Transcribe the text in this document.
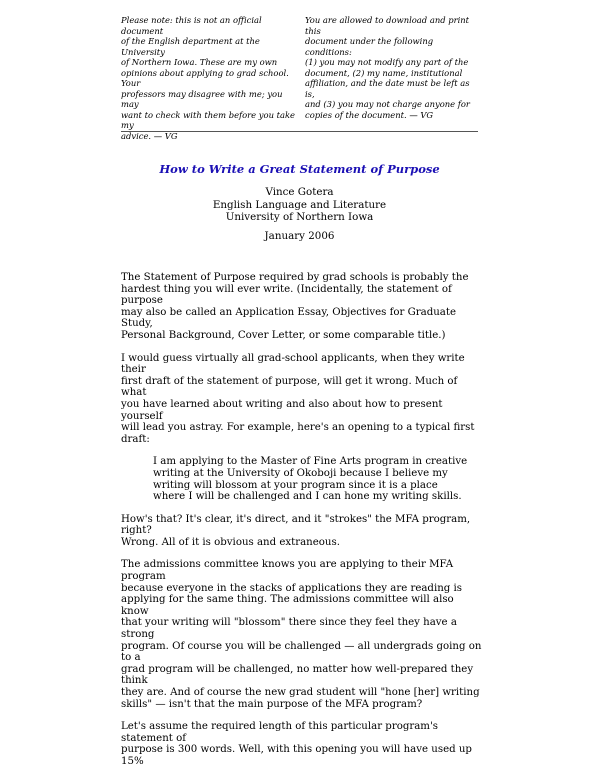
Please note: this is not an official document
of the English department at the University
of Northern Iowa. These are my own
opinions about applying to grad school. Your
professors may disagree with me; you may
want to check with them before you take my
advice. — VG
You are allowed to download and print this
document under the following conditions:
(1) you may not modify any part of the
document, (2) my name, institutional
affiliation, and the date must be left as is,
and (3) you may not charge anyone for
copies of the document. — VG
How to Write a Great Statement of Purpose
Vince Gotera
English Language and Literature
University of Northern Iowa
January 2006

The Statement of Purpose required by grad schools is probably the
hardest thing you will ever write. (Incidentally, the statement of purpose
may also be called an Application Essay, Objectives for Graduate Study,
Personal Background, Cover Letter, or some comparable title.)

I would guess virtually all grad-school applicants, when they write their
first draft of the statement of purpose, will get it wrong. Much of what
you have learned about writing and also about how to present yourself
will lead you astray. For example, here's an opening to a typical first
draft:

I am applying to the Master of Fine Arts program in creative
writing at the University of Okoboji because I believe my
writing will blossom at your program since it is a place
where I will be challenged and I can hone my writing skills.

How's that? It's clear, it's direct, and it "strokes" the MFA program, right?
Wrong. All of it is obvious and extraneous.

The admissions committee knows you are applying to their MFA program
because everyone in the stacks of applications they are reading is
applying for the same thing. The admissions committee will also know
that your writing will "blossom" there since they feel they have a strong
program. Of course you will be challenged — all undergrads going on to a
grad program will be challenged, no matter how well-prepared they think
they are. And of course the new grad student will "hone [her] writing
skills" — isn't that the main purpose of the MFA program?

Let's assume the required length of this particular program's statement of
purpose is 300 words. Well, with this opening you will have used up 15%
